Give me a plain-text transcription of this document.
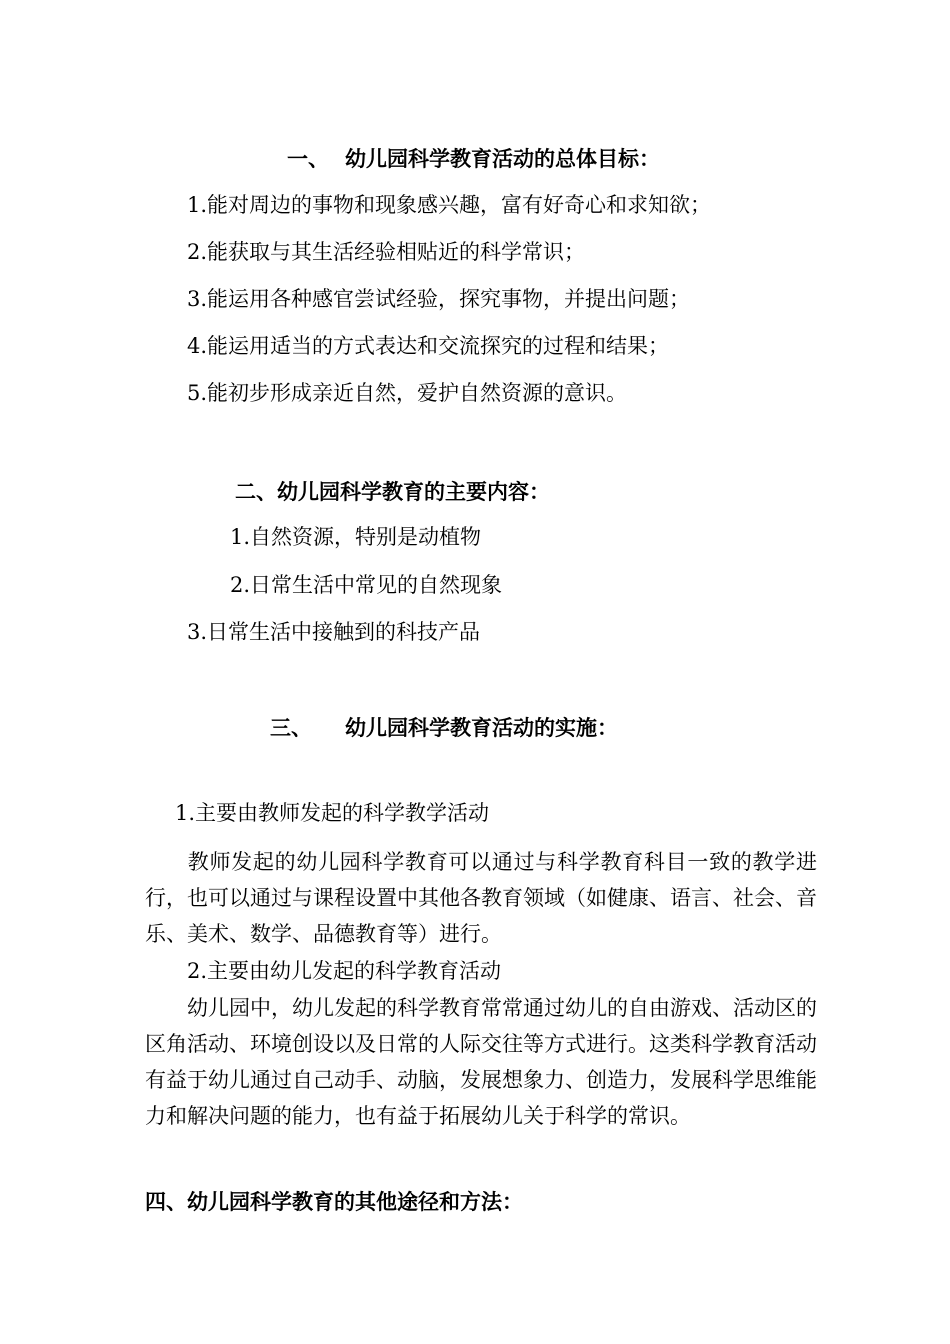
一、 幼儿园科学教育活动的总体目标：
1.能对周边的事物和现象感兴趣，富有好奇心和求知欲；
2.能获取与其生活经验相贴近的科学常识；
3.能运用各种感官尝试经验，探究事物，并提出问题；
4.能运用适当的方式表达和交流探究的过程和结果；
5.能初步形成亲近自然，爱护自然资源的意识。
二、幼儿园科学教育的主要内容：
1.自然资源，特别是动植物
2.日常生活中常见的自然现象
3.日常生活中接触到的科技产品
三、 幼儿园科学教育活动的实施：
1.主要由教师发起的科学教学活动
教师发起的幼儿园科学教育可以通过与科学教育科目一致的教学进行，也可以通过与课程设置中其他各教育领域（如健康、语言、社会、音乐、美术、数学、品德教育等）进行。
2.主要由幼儿发起的科学教育活动
幼儿园中，幼儿发起的科学教育常常通过幼儿的自由游戏、活动区的区角活动、环境创设以及日常的人际交往等方式进行。这类科学教育活动有益于幼儿通过自己动手、动脑，发展想象力、创造力，发展科学思维能力和解决问题的能力，也有益于拓展幼儿关于科学的常识。
四、幼儿园科学教育的其他途径和方法：
